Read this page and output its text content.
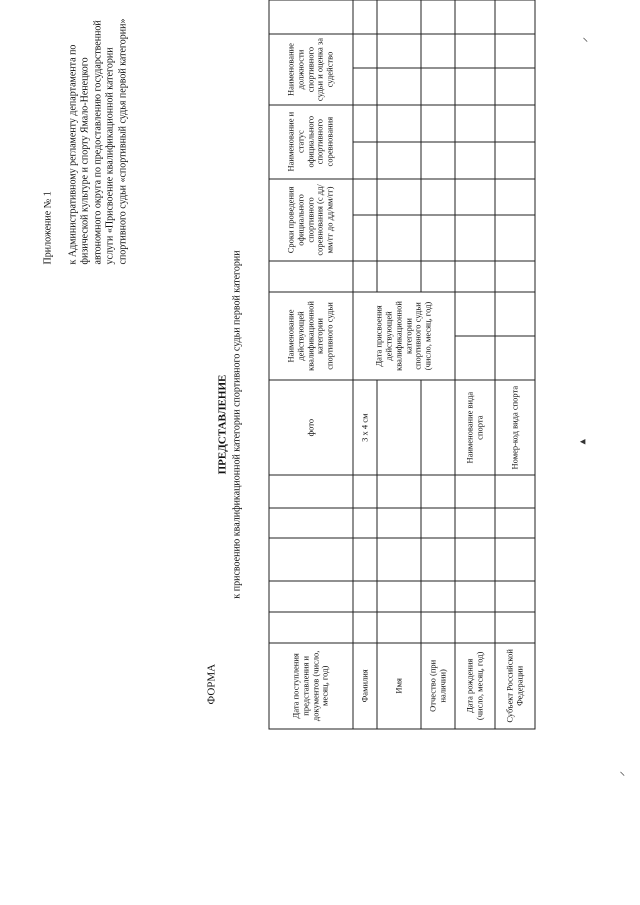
⸝
▴
⸝
Приложение № 1 к Административному регламенту департамента по физической культуре и спорту Ямало-Ненецкого автономного округа по предоставлению государственной услуги «Присвоение квалификационной категории спортивного судьи «спортивный судья первой категории»
ФОРМА
ПРЕДСТАВЛЕНИЕ к присвоению квалификационной категории спортивного судьи первой категории
Дата поступления представления и документов (число, месяц, год)						фото	Наименование действующей квалификационной категории спортивного судьи			Сроки проведения официального спортивного соревнования (с дд/мм/гг до дд/мм/гг)		Наименование и статус официального спортивного соревнования		Наименование должности спортивного судьи и оценка за судейство		
Фамилия						3 x 4 см	Дата присвоения действующей квалификационной категории спортивного судьи (число, месяц, год)									
Имя																
Отчество (при наличии)																
Дата рождения (число, месяц, год)						Наименование вида спорта										
Субъект Российской Федерации						Номер-код вида спорта										
